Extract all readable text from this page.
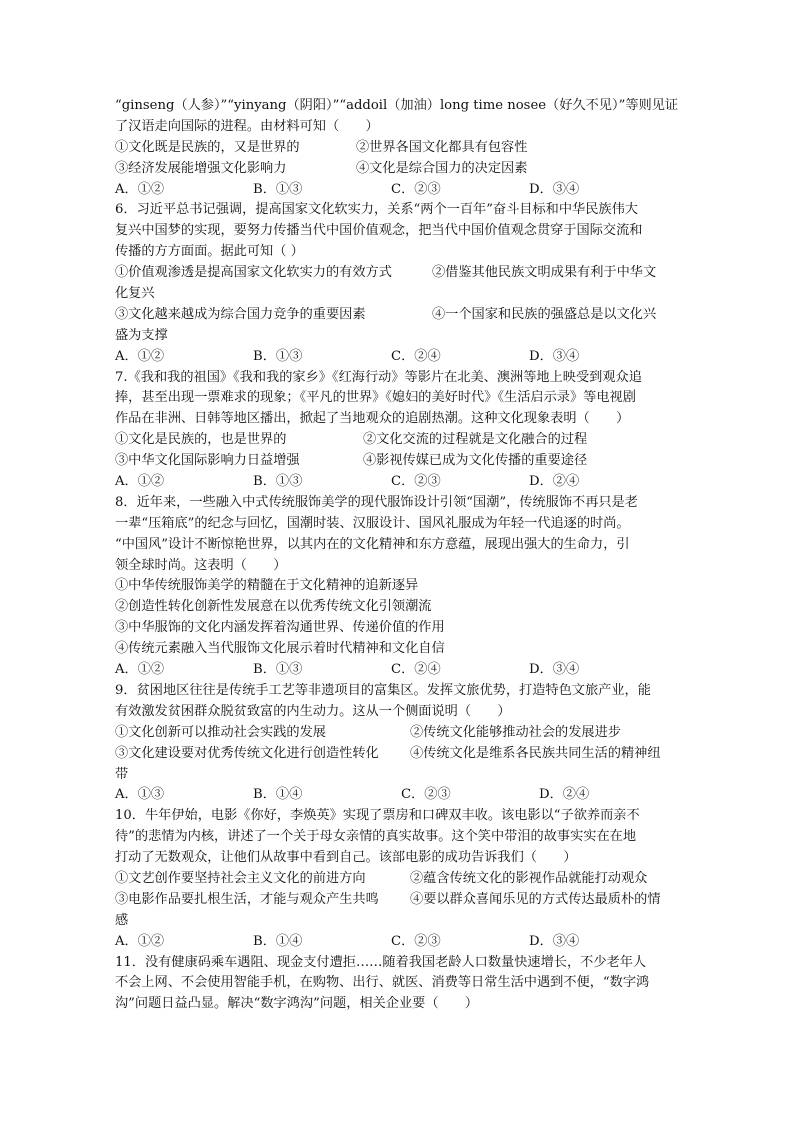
“ginseng（人参）”“yinyang（阴阳）”“addoil（加油）long time nosee（好久不见）”等则见证
了汉语走向国际的进程。由材料可知（　　）
①文化既是民族的，又是世界的	②世界各国文化都具有包容性
③经济发展能增强文化影响力	④文化是综合国力的决定因素
A．①②	B．①③	C．②③	D．③④
6．习近平总书记强调，提高国家文化软实力，关系“两个一百年”奋斗目标和中华民族伟大
复兴中国梦的实现，要努力传播当代中国价值观念，把当代中国价值观念贯穿于国际交流和
传播的方方面面。据此可知（ ）
①价值观渗透是提高国家文化软实力的有效方式	②借鉴其他民族文明成果有利于中华文
化复兴
③文化越来越成为综合国力竞争的重要因素	④一个国家和民族的强盛总是以文化兴
盛为支撑
A．①②	B．①③	C．②④	D．③④
7.《我和我的祖国》《我和我的家乡》《红海行动》等影片在北美、澳洲等地上映受到观众追
捧，甚至出现一票难求的现象；《平凡的世界》《媳妇的美好时代》《生活启示录》等电视剧
作品在非洲、日韩等地区播出，掀起了当地观众的追剧热潮。这种文化现象表明（　　）
①文化是民族的，也是世界的	②文化交流的过程就是文化融合的过程
③中华文化国际影响力日益增强	④影视传媒已成为文化传播的重要途径
A．①②	B．①③	C．②③	D．②④
8．近年来，一些融入中式传统服饰美学的现代服饰设计引领“国潮”，传统服饰不再只是老
一辈“压箱底”的纪念与回忆，国潮时装、汉服设计、国风礼服成为年轻一代追逐的时尚。
“中国风”设计不断惊艳世界，以其内在的文化精神和东方意蕴，展现出强大的生命力，引
领全球时尚。这表明（　　）
①中华传统服饰美学的精髓在于文化精神的追新逐异
②创造性转化创新性发展意在以优秀传统文化引领潮流
③中华服饰的文化内涵发挥着沟通世界、传递价值的作用
④传统元素融入当代服饰文化展示着时代精神和文化自信
A．①②	B．①③	C．②④	D．③④
9．贫困地区往往是传统手工艺等非遗项目的富集区。发挥文旅优势，打造特色文旅产业，能
有效激发贫困群众脱贫致富的内生动力。这从一个侧面说明（　　）
①文化创新可以推动社会实践的发展	②传统文化能够推动社会的发展进步
③文化建设要对优秀传统文化进行创造性转化 ④传统文化是维系各民族共同生活的精神纽
带
A．①③	B．①④	C．②③	D．②④
10．牛年伊始，电影《你好，李焕英》实现了票房和口碑双丰收。该电影以“子欲养而亲不
待”的悲情为内核，讲述了一个关于母女亲情的真实故事。这个笑中带泪的故事实实在在地
打动了无数观众，让他们从故事中看到自己。该部电影的成功告诉我们（　　）
①文艺创作要坚持社会主义文化的前进方向	②蕴含传统文化的影视作品就能打动观众
③电影作品要扎根生活，才能与观众产生共鸣 ④要以群众喜闻乐见的方式传达最质朴的情
感
A．①②	B．①④	C．②③	D．③④
11．没有健康码乘车遇阻、现金支付遭拒……随着我国老龄人口数量快速增长，不少老年人
不会上网、不会使用智能手机，在购物、出行、就医、消费等日常生活中遇到不便，“数字鸿
沟”问题日益凸显。解决“数字鸿沟”问题，相关企业要（　　）
